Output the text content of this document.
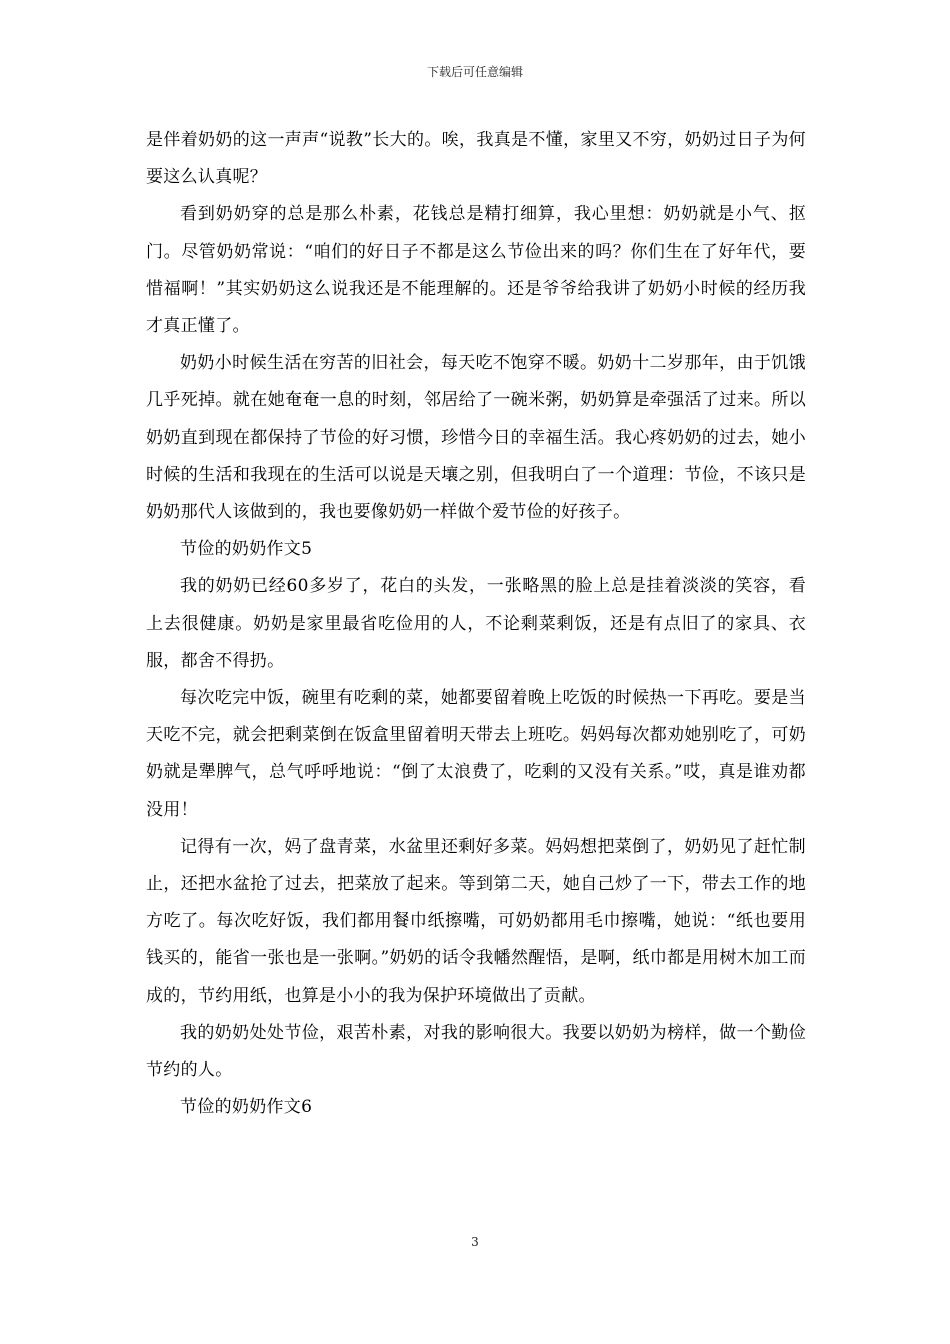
下载后可任意编辑

是伴着奶奶的这一声声“说教”长大的。唉，我真是不懂，家里又不穷，奶奶过日子为何要这么认真呢？

看到奶奶穿的总是那么朴素，花钱总是精打细算，我心里想：奶奶就是小气、抠门。尽管奶奶常说：“咱们的好日子不都是这么节俭出来的吗？你们生在了好年代，要惜福啊！”其实奶奶这么说我还是不能理解的。还是爷爷给我讲了奶奶小时候的经历我才真正懂了。

奶奶小时候生活在穷苦的旧社会，每天吃不饱穿不暖。奶奶十二岁那年，由于饥饿几乎死掉。就在她奄奄一息的时刻，邻居给了一碗米粥，奶奶算是牵强活了过来。所以奶奶直到现在都保持了节俭的好习惯，珍惜今日的幸福生活。我心疼奶奶的过去，她小时候的生活和我现在的生活可以说是天壤之别，但我明白了一个道理：节俭，不该只是奶奶那代人该做到的，我也要像奶奶一样做个爱节俭的好孩子。

节俭的奶奶作文5

我的奶奶已经60多岁了，花白的头发，一张略黑的脸上总是挂着淡淡的笑容，看上去很健康。奶奶是家里最省吃俭用的人，不论剩菜剩饭，还是有点旧了的家具、衣服，都舍不得扔。

每次吃完中饭，碗里有吃剩的菜，她都要留着晚上吃饭的时候热一下再吃。要是当天吃不完，就会把剩菜倒在饭盒里留着明天带去上班吃。妈妈每次都劝她别吃了，可奶奶就是犟脾气，总气呼呼地说：“倒了太浪费了，吃剩的又没有关系。”哎，真是谁劝都没用！

记得有一次，妈了盘青菜，水盆里还剩好多菜。妈妈想把菜倒了，奶奶见了赶忙制止，还把水盆抢了过去，把菜放了起来。等到第二天，她自己炒了一下，带去工作的地方吃了。每次吃好饭，我们都用餐巾纸擦嘴，可奶奶都用毛巾擦嘴，她说：“纸也要用钱买的，能省一张也是一张啊。”奶奶的话令我幡然醒悟，是啊，纸巾都是用树木加工而成的，节约用纸，也算是小小的我为保护环境做出了贡献。

我的奶奶处处节俭，艰苦朴素，对我的影响很大。我要以奶奶为榜样，做一个勤俭节约的人。

节俭的奶奶作文6

3
